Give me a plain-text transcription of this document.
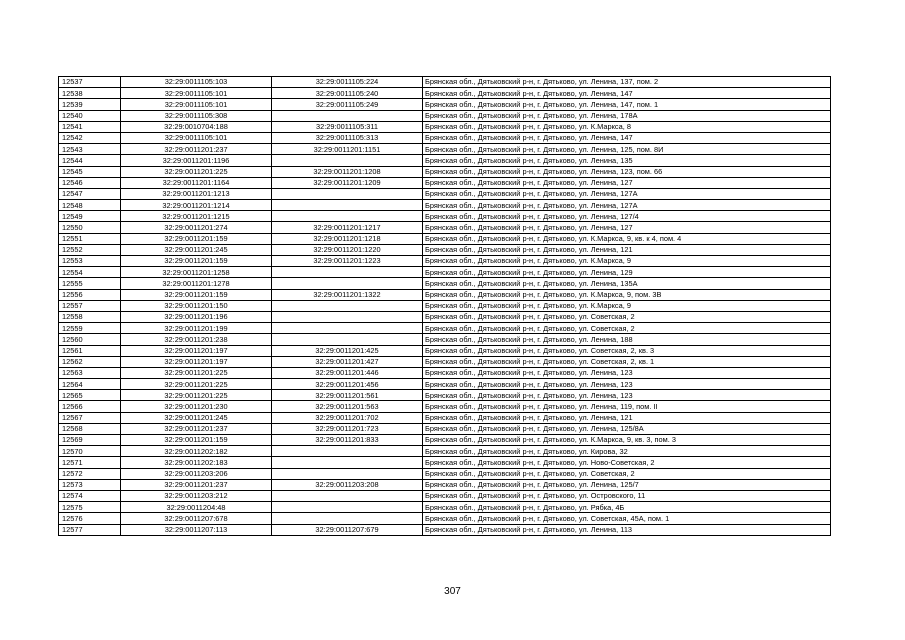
12537	32:29:0011105:103	32:29:0011105:224	Брянская обл., Дятьковский р-н, г. Дятьково, ул. Ленина, 137, пом. 2
12538	32:29:0011105:101	32:29:0011105:240	Брянская обл., Дятьковский р-н, г. Дятьково, ул. Ленина, 147
12539	32:29:0011105:101	32:29:0011105:249	Брянская обл., Дятьковский р-н, г. Дятьково, ул. Ленина, 147, пом. 1
12540	32:29:0011105:308		Брянская обл., Дятьковский р-н, г. Дятьково, ул. Ленина, 178А
12541	32:29:0010704:188	32:29:0011105:311	Брянская обл., Дятьковский р-н, г. Дятьково, ул. К.Маркса, 8
12542	32:29:0011105:101	32:29:0011105:313	Брянская обл., Дятьковский р-н, г. Дятьково, ул. Ленина, 147
12543	32:29:0011201:237	32:29:0011201:1151	Брянская обл., Дятьковский р-н, г. Дятьково, ул. Ленина, 125, пом. 8И
12544	32:29:0011201:1196		Брянская обл., Дятьковский р-н, г. Дятьково, ул. Ленина, 135
12545	32:29:0011201:225	32:29:0011201:1208	Брянская обл., Дятьковский р-н, г. Дятьково, ул. Ленина, 123, пом. 66
12546	32:29:0011201:1164	32:29:0011201:1209	Брянская обл., Дятьковский р-н, г. Дятьково, ул. Ленина, 127
12547	32:29:0011201:1213		Брянская обл., Дятьковский р-н, г. Дятьково, ул. Ленина, 127А
12548	32:29:0011201:1214		Брянская обл., Дятьковский р-н, г. Дятьково, ул. Ленина, 127А
12549	32:29:0011201:1215		Брянская обл., Дятьковский р-н, г. Дятьково, ул. Ленина, 127/4
12550	32:29:0011201:274	32:29:0011201:1217	Брянская обл., Дятьковский р-н, г. Дятьково, ул. Ленина, 127
12551	32:29:0011201:159	32:29:0011201:1218	Брянская обл., Дятьковский р-н, г. Дятьково, ул. К.Маркса, 9, кв. к 4, пом. 4
12552	32:29:0011201:245	32:29:0011201:1220	Брянская обл., Дятьковский р-н, г. Дятьково, ул. Ленина, 121
12553	32:29:0011201:159	32:29:0011201:1223	Брянская обл., Дятьковский р-н, г. Дятьково, ул. К.Маркса, 9
12554	32:29:0011201:1258		Брянская обл., Дятьковский р-н, г. Дятьково, ул. Ленина, 129
12555	32:29:0011201:1278		Брянская обл., Дятьковский р-н, г. Дятьково, ул. Ленина, 135А
12556	32:29:0011201:159	32:29:0011201:1322	Брянская обл., Дятьковский р-н, г. Дятьково, ул. К.Маркса, 9, пом. 3В
12557	32:29:0011201:150		Брянская обл., Дятьковский р-н, г. Дятьково, ул. К.Маркса, 9
12558	32:29:0011201:196		Брянская обл., Дятьковский р-н, г. Дятьково, ул. Советская, 2
12559	32:29:0011201:199		Брянская обл., Дятьковский р-н, г. Дятьково, ул. Советская, 2
12560	32:29:0011201:238		Брянская обл., Дятьковский р-н, г. Дятьково, ул. Ленина, 188
12561	32:29:0011201:197	32:29:0011201:425	Брянская обл., Дятьковский р-н, г. Дятьково, ул. Советская, 2, кв. 3
12562	32:29:0011201:197	32:29:0011201:427	Брянская обл., Дятьковский р-н, г. Дятьково, ул. Советская, 2, кв. 1
12563	32:29:0011201:225	32:29:0011201:446	Брянская обл., Дятьковский р-н, г. Дятьково, ул. Ленина, 123
12564	32:29:0011201:225	32:29:0011201:456	Брянская обл., Дятьковский р-н, г. Дятьково, ул. Ленина, 123
12565	32:29:0011201:225	32:29:0011201:561	Брянская обл., Дятьковский р-н, г. Дятьково, ул. Ленина, 123
12566	32:29:0011201:230	32:29:0011201:563	Брянская обл., Дятьковский р-н, г. Дятьково, ул. Ленина, 119, пом. II
12567	32:29:0011201:245	32:29:0011201:702	Брянская обл., Дятьковский р-н, г. Дятьково, ул. Ленина, 121
12568	32:29:0011201:237	32:29:0011201:723	Брянская обл., Дятьковский р-н, г. Дятьково, ул. Ленина, 125/8А
12569	32:29:0011201:159	32:29:0011201:833	Брянская обл., Дятьковский р-н, г. Дятьково, ул. К.Маркса, 9, кв. 3, пом. 3
12570	32:29:0011202:182		Брянская обл., Дятьковский р-н, г. Дятьково, ул. Кирова, 32
12571	32:29:0011202:183		Брянская обл., Дятьковский р-н, г. Дятьково, ул. Ново-Советская, 2
12572	32:29:0011203:206		Брянская обл., Дятьковский р-н, г. Дятьково, ул. Советская, 2
12573	32:29:0011201:237	32:29:0011203:208	Брянская обл., Дятьковский р-н, г. Дятьково, ул. Ленина, 125/7
12574	32:29:0011203:212		Брянская обл., Дятьковский р-н, г. Дятьково, ул. Островского, 11
12575	32:29:0011204:48		Брянская обл., Дятьковский р-н, г. Дятьково, ул. Рябка, 4Б
12576	32:29:0011207:678		Брянская обл., Дятьковский р-н, г. Дятьково, ул. Советская, 45А, пом. 1
12577	32:29:0011207:113	32:29:0011207:679	Брянская обл., Дятьковский р-н, г. Дятьково, ул. Ленина, 113
307
